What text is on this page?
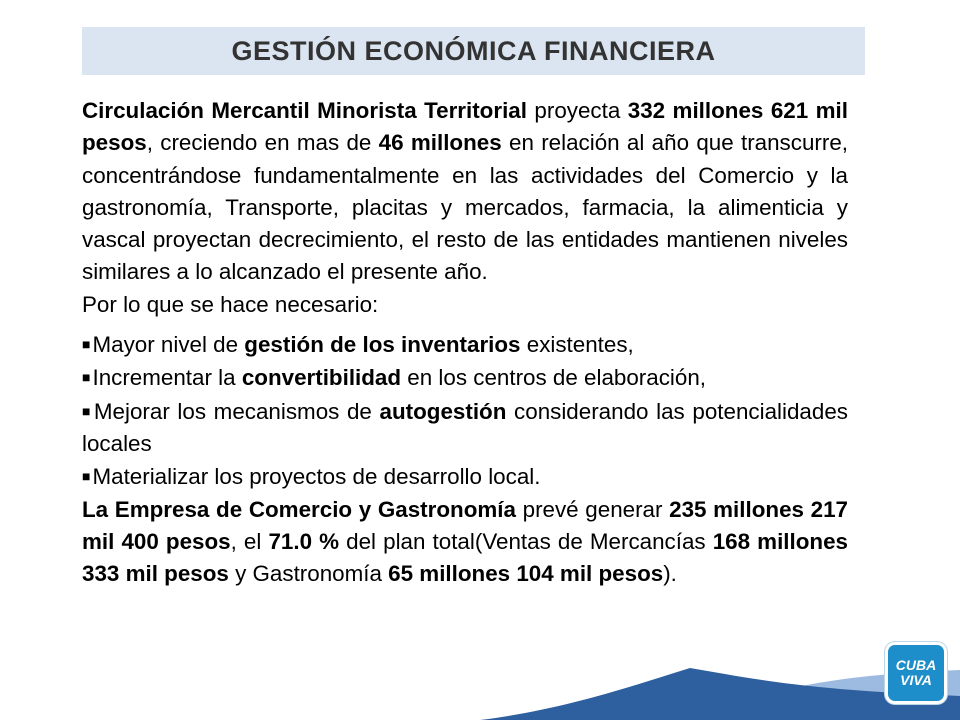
GESTIÓN ECONÓMICA FINANCIERA

Circulación Mercantil Minorista Territorial proyecta 332 millones 621 mil pesos, creciendo en mas de 46 millones en relación al año que transcurre, concentrándose fundamentalmente en las actividades del Comercio y la gastronomía, Transporte, placitas y mercados, farmacia, la alimenticia y vascal proyectan decrecimiento, el resto de las entidades mantienen niveles similares a lo alcanzado el presente año.

Por lo que se hace necesario:

■Mayor nivel de gestión de los inventarios existentes,

■Incrementar la convertibilidad en los centros de elaboración,

■Mejorar los mecanismos de autogestión considerando las potencialidades locales

■Materializar los proyectos de desarrollo local.

La Empresa de Comercio y Gastronomía prevé generar 235 millones 217 mil 400 pesos, el 71.0 % del plan total(Ventas de Mercancías 168 millones 333 mil pesos y Gastronomía 65 millones 104 mil pesos).

CUBA
VIVA
